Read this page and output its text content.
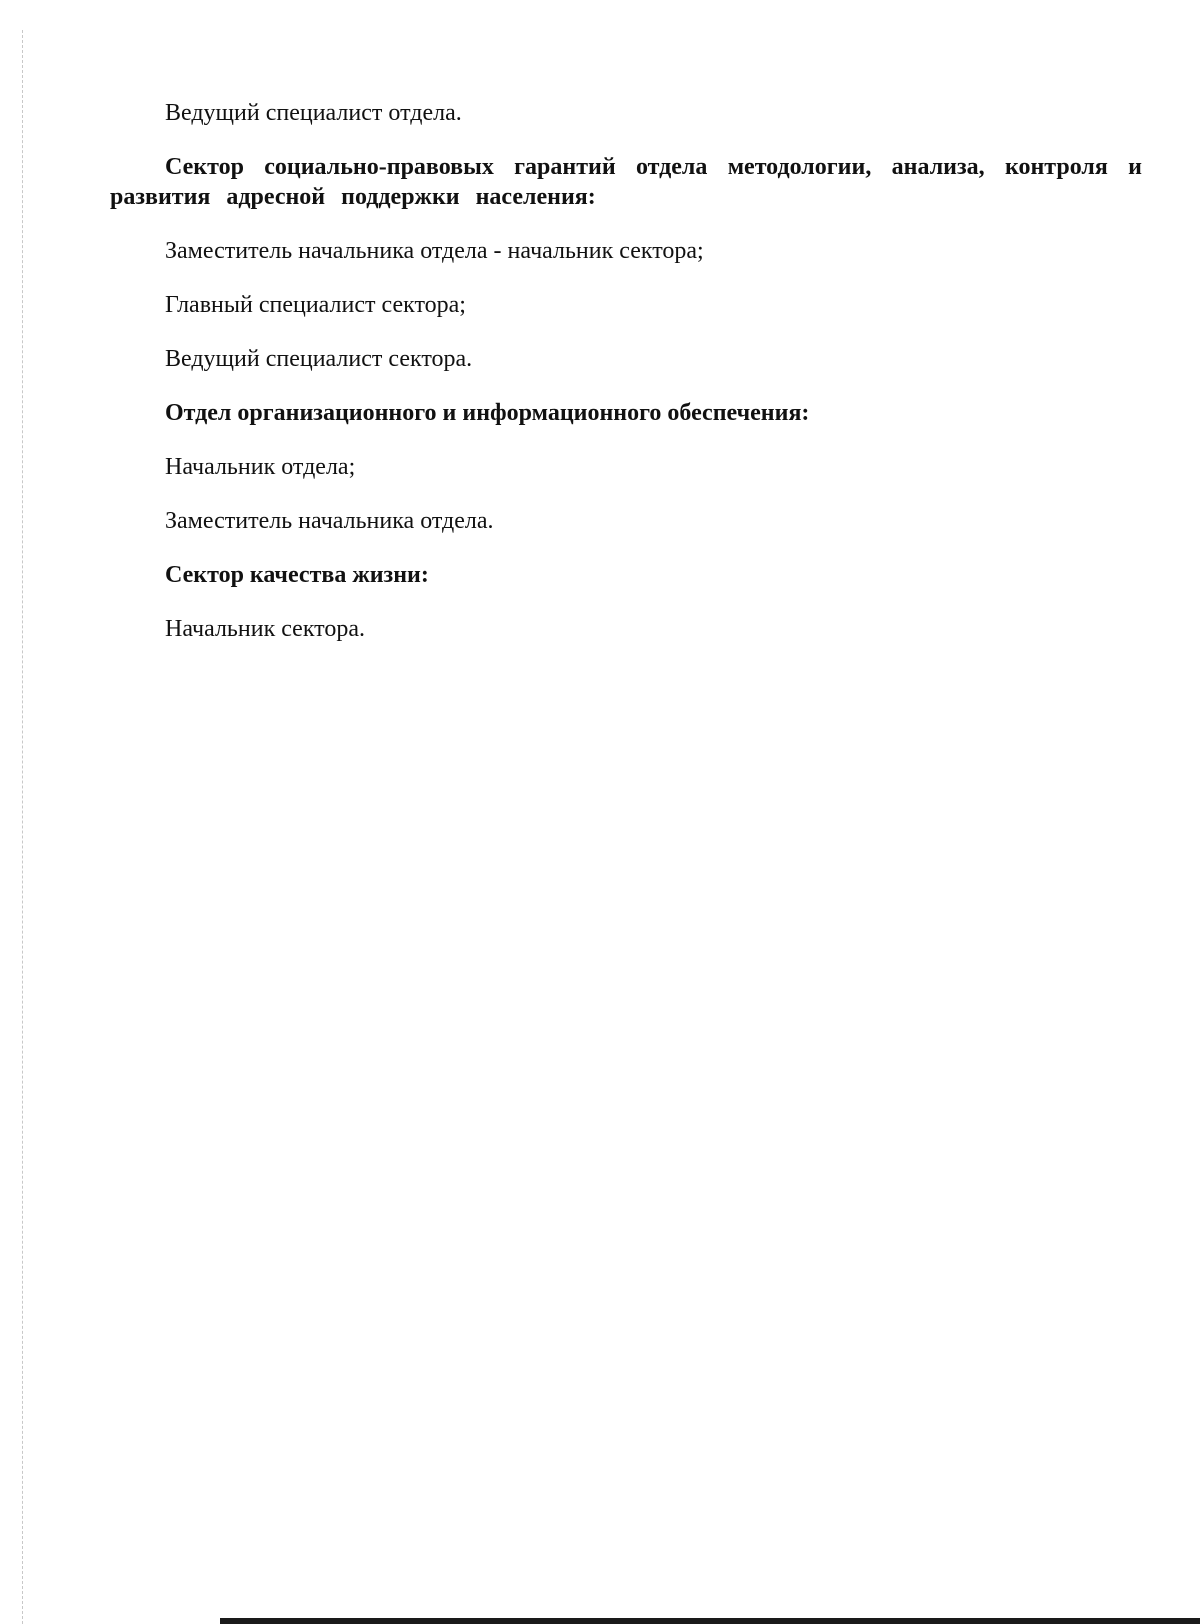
Ведущий специалист отдела.

Сектор социально-правовых гарантий отдела методологии, анализа, контроля и развития адресной поддержки населения:

Заместитель начальника отдела - начальник сектора;

Главный специалист сектора;

Ведущий специалист сектора.

Отдел организационного и информационного обеспечения:

Начальник отдела;

Заместитель начальника отдела.

Сектор качества жизни:

Начальник сектора.
